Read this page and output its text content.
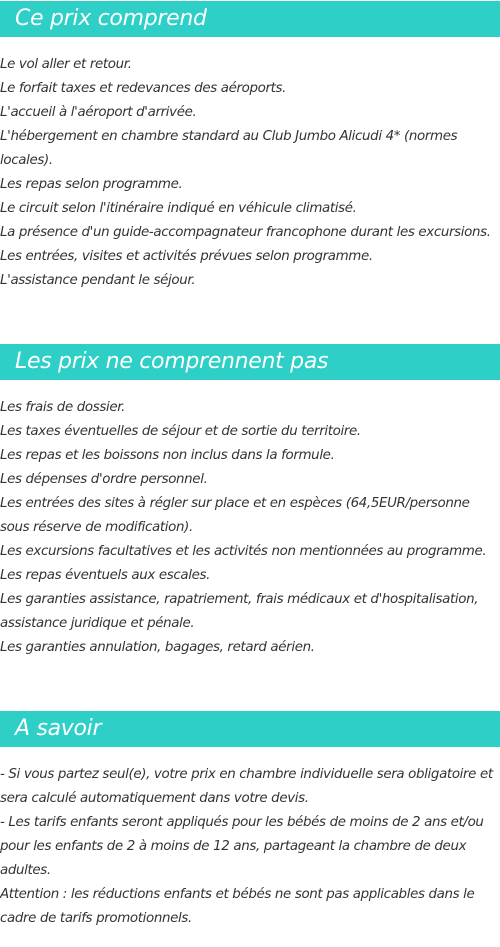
Ce prix comprend
Le vol aller et retour.
Le forfait taxes et redevances des aéroports.
L'accueil à l'aéroport d'arrivée.
L'hébergement en chambre standard au Club Jumbo Alicudi 4* (normes locales).
Les repas selon programme.
Le circuit selon l'itinéraire indiqué en véhicule climatisé.
La présence d'un guide-accompagnateur francophone durant les excursions.
Les entrées, visites et activités prévues selon programme.
L'assistance pendant le séjour.
Les prix ne comprennent pas
Les frais de dossier.
Les taxes éventuelles de séjour et de sortie du territoire.
Les repas et les boissons non inclus dans la formule.
Les dépenses d'ordre personnel.
Les entrées des sites à régler sur place et en espèces (64,5EUR/personne sous réserve de modification).
Les excursions facultatives et les activités non mentionnées au programme.
Les repas éventuels aux escales.
Les garanties assistance, rapatriement, frais médicaux et d'hospitalisation, assistance juridique et pénale.
Les garanties annulation, bagages, retard aérien.
A savoir
- Si vous partez seul(e), votre prix en chambre individuelle sera obligatoire et sera calculé automatiquement dans votre devis.
- Les tarifs enfants seront appliqués pour les bébés de moins de 2 ans et/ou pour les enfants de 2 à moins de 12 ans, partageant la chambre de deux adultes.
Attention : les réductions enfants et bébés ne sont pas applicables dans le cadre de tarifs promotionnels.
